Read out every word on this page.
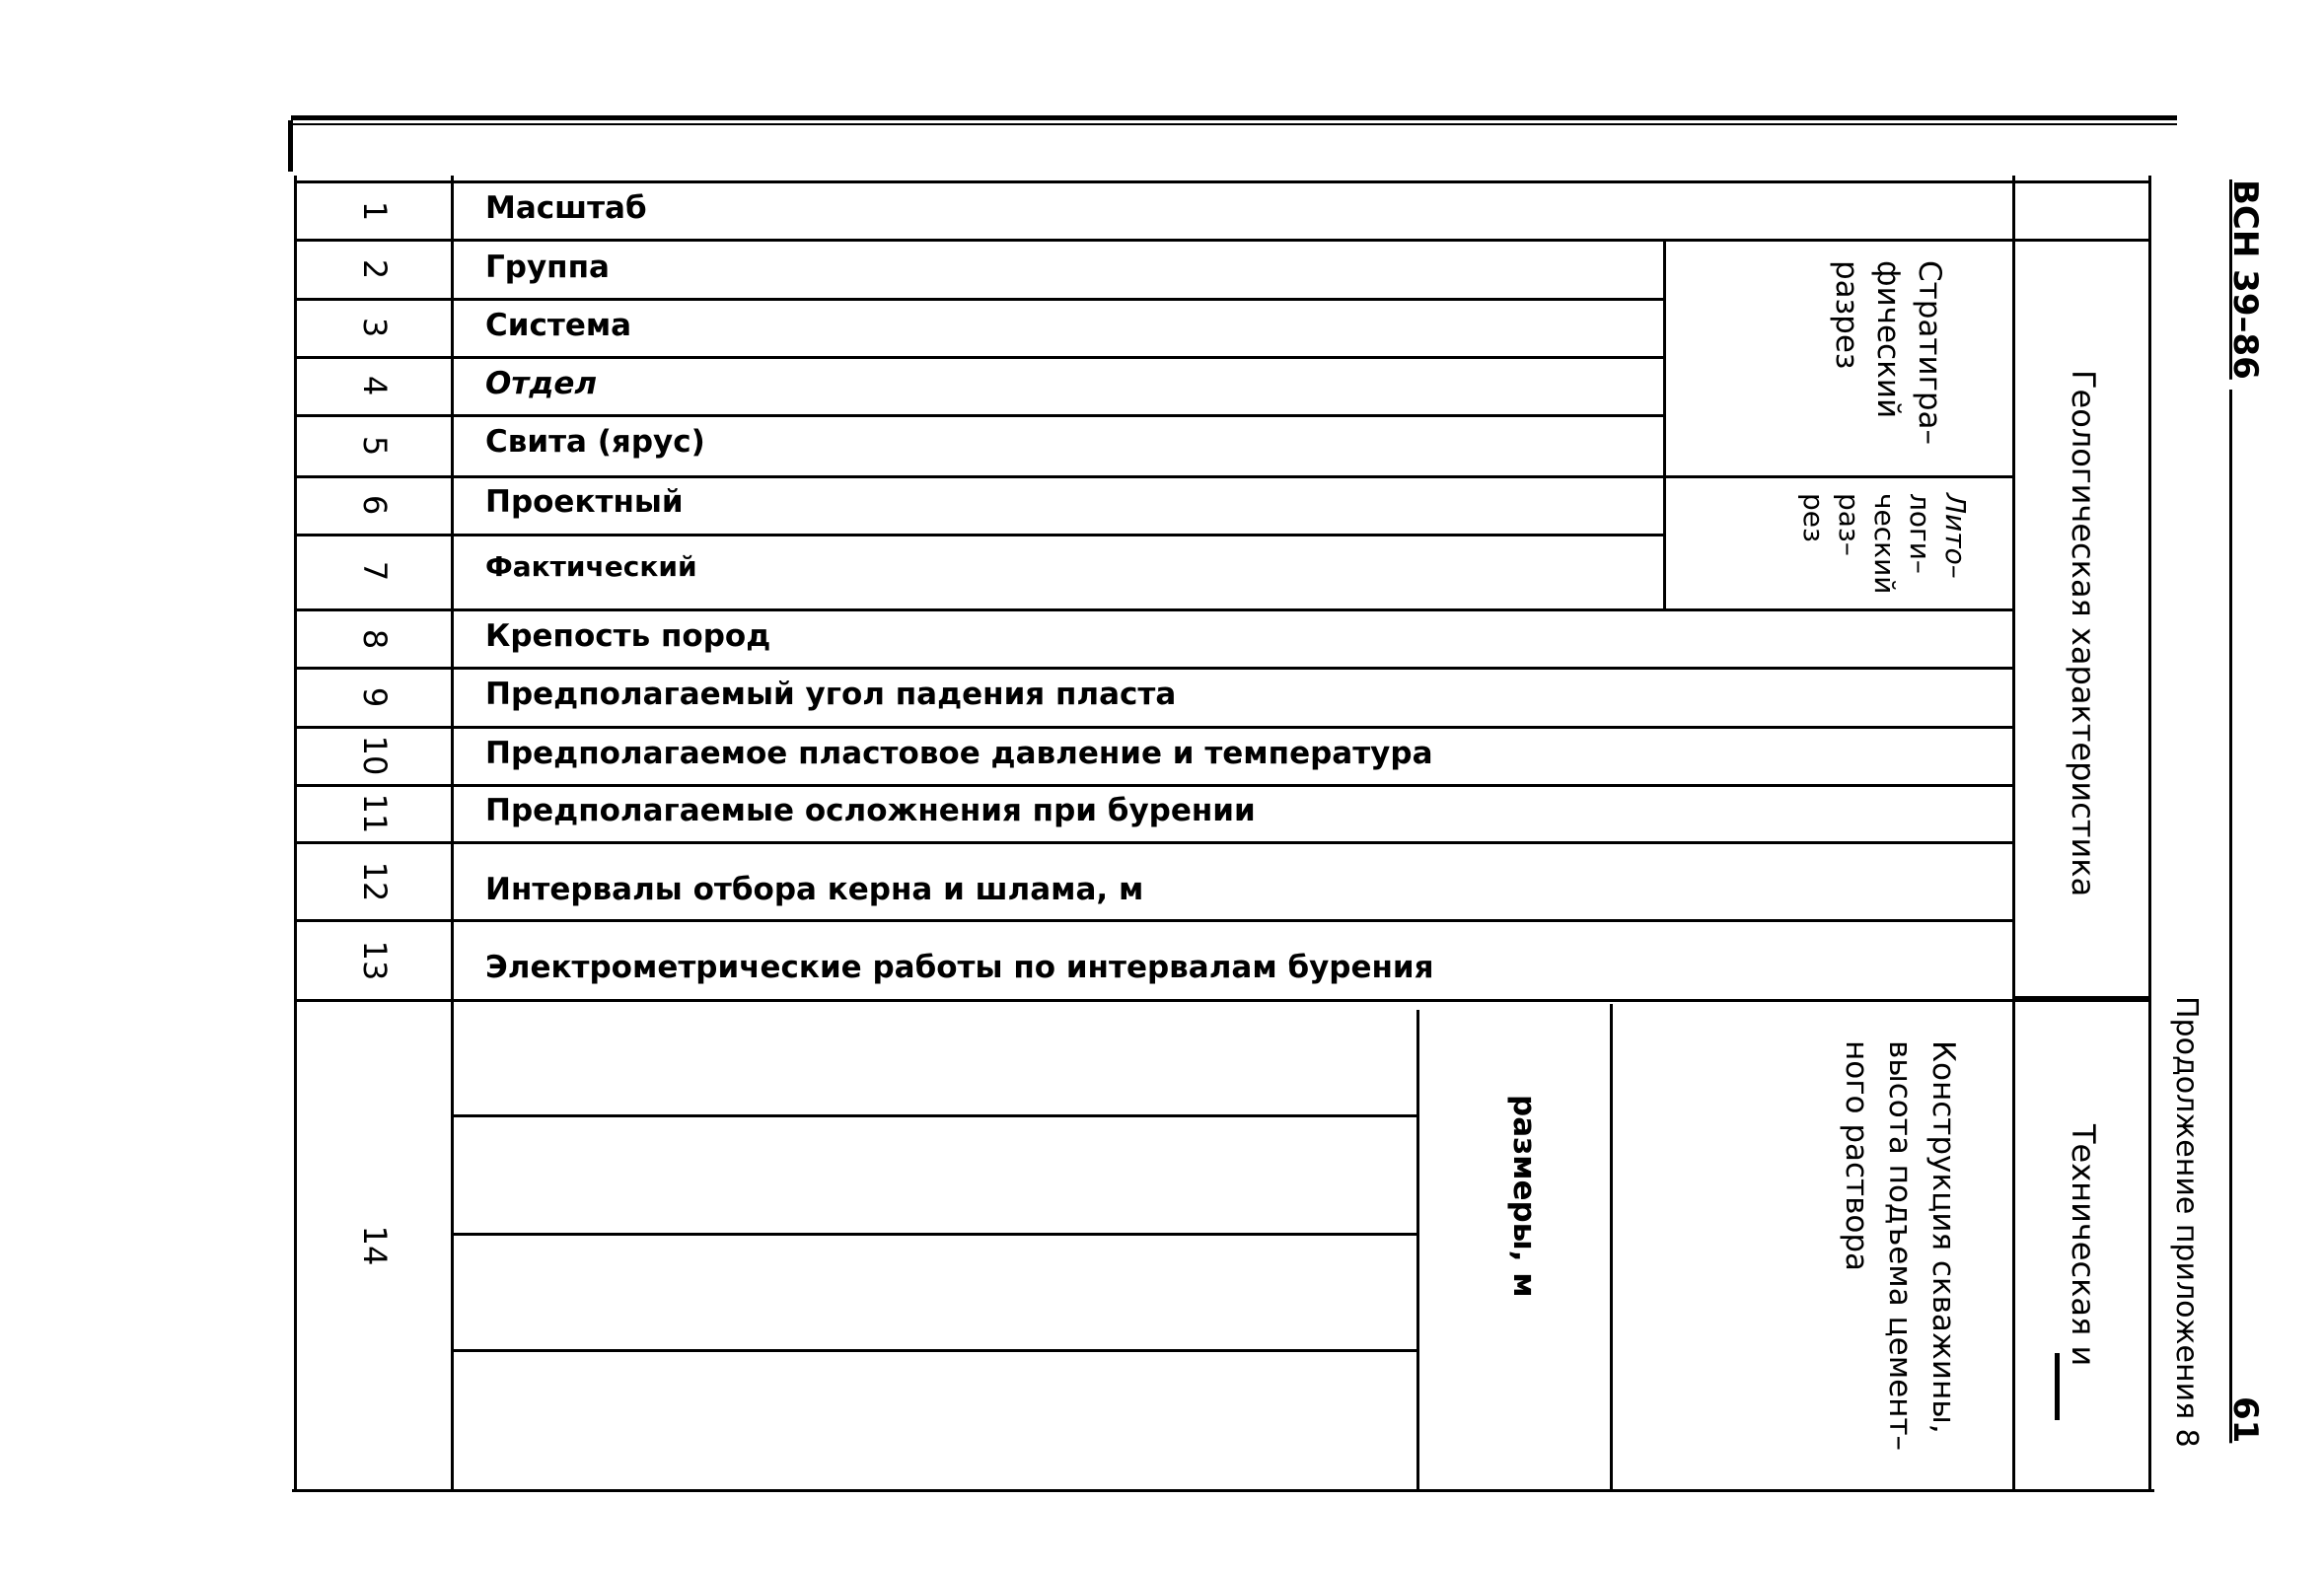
1
2
3
4
5
6
7
8
9
10
11
12
13
14
Масштаб
Группа
Система
Отдел
Свита (ярус)
Проектный
Фактический
Крепость пород
Предполагаемый угол падения пласта
Предполагаемое пластовое давление и температура
Предполагаемые осложнения при бурении
Интервалы отбора керна и шлама, м
Электрометрические работы по интервалам бурения
Стратигра–
фический
разрез
Лито–
логи–
ческий
раз–
рез	Геологическая характеристика
Техническая и
Конструкция скважины,
высота подъема цемент–
ного раствора
размеры, м
ВСН 39–86
61
Продолжение приложения 8
